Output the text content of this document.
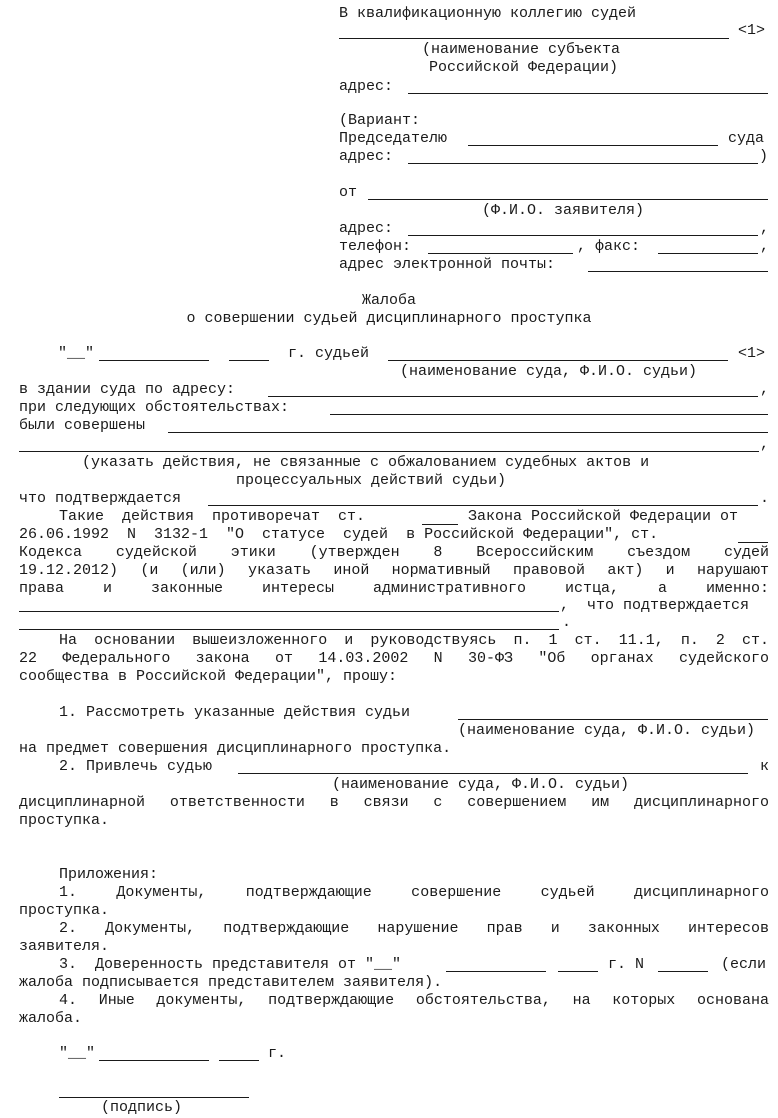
В квалификационную коллегию судей
<1>
(наименование субъекта
Российской Федерации)
адрес:
(Вариант:
Председателю	суда
адрес:	)
от
(Ф.И.О. заявителя)
адрес:	,
телефон:	, факс:	,
адрес электронной почты:
Жалоба
о совершении судьей дисциплинарного проступка
"__"	г. судьей	<1>
(наименование суда, Ф.И.О. судьи)
в здании суда по адресу:	,
при следующих обстоятельствах:
были совершены
,
(указать действия, не связанные с обжалованием судебных актов и
процессуальных действий судьи)
что подтверждается	.
Такие  действия  противоречат  ст.	Закона Российской Федерации от
26.06.1992  N  3132-1  "О  статусе  судей  в Российской Федерации", ст.
Кодекса судейской этики (утвержден 8 Всероссийским съездом судей
19.12.2012) (и (или) указать иной нормативный правовой акт) и нарушают
права и законные интересы административного истца, а именно:
,  что подтверждается
.
На основании вышеизложенного и руководствуясь п. 1 ст. 11.1, п. 2 ст.
22 Федерального закона от 14.03.2002 N 30-ФЗ "Об органах судейского
сообщества в Российской Федерации", прошу:
1. Рассмотреть указанные действия судьи
(наименование суда, Ф.И.О. судьи)
на предмет совершения дисциплинарного проступка.
2. Привлечь судью	к
(наименование суда, Ф.И.О. судьи)
дисциплинарной ответственности в связи с совершением им дисциплинарного
проступка.
Приложения:
1. Документы, подтверждающие совершение судьей дисциплинарного
проступка.
2. Документы, подтверждающие нарушение прав и законных интересов
заявителя.
3.  Доверенность представителя от "__"	г. N	(если
жалоба подписывается представителем заявителя).
4. Иные документы, подтверждающие обстоятельства, на которых основана
жалоба.
"__"	г.
(подпись)
